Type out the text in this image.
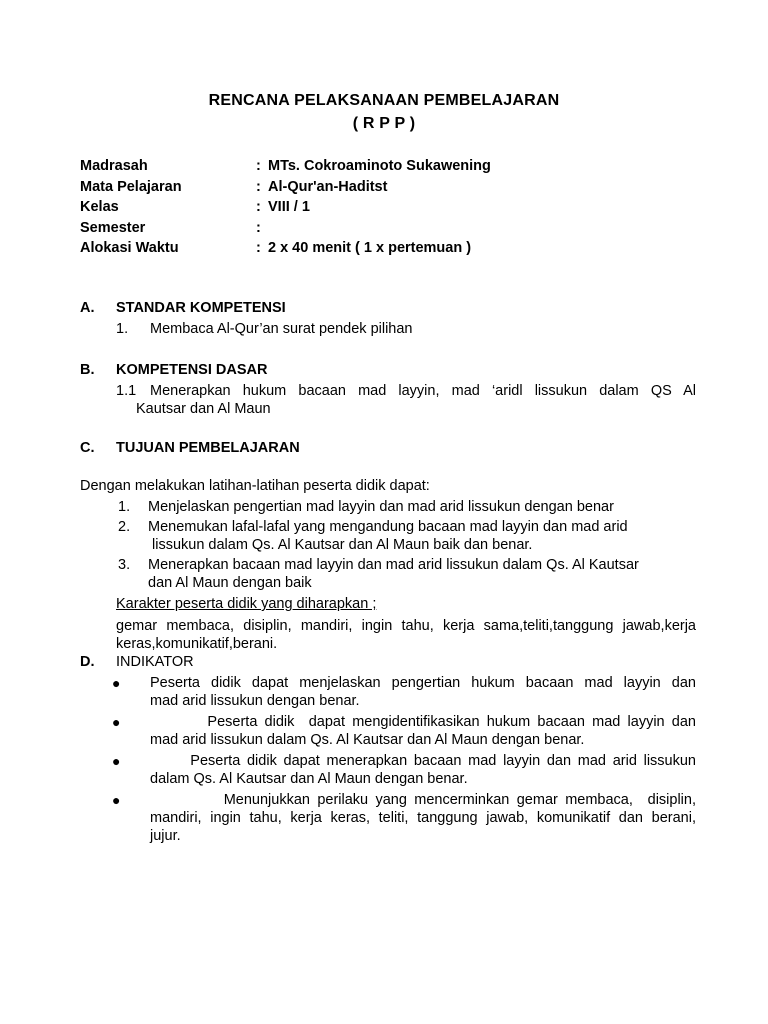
RENCANA PELAKSANAAN PEMBELAJARAN
( R P P )
Madrasah	: MTs. Cokroaminoto Sukawening
Mata Pelajaran	: Al-Qur'an-Haditst
Kelas	: VIII / 1
Semester	:
Alokasi Waktu	: 2 x 40 menit ( 1 x pertemuan )
A.	STANDAR KOMPETENSI
1.	Membaca Al-Qur’an surat pendek pilihan
B.	KOMPETENSI DASAR
1.1 Menerapkan hukum bacaan mad layyin, mad ‘aridl lissukun dalam QS Al
Kautsar dan Al Maun
C.	TUJUAN PEMBELAJARAN
Dengan melakukan latihan-latihan peserta didik dapat:
1.	Menjelaskan pengertian mad layyin dan mad arid lissukun dengan benar
2.	Menemukan lafal-lafal yang mengandung bacaan mad layyin dan mad arid
lissukun dalam Qs. Al Kautsar dan Al Maun baik dan benar.
3.	Menerapkan bacaan mad layyin dan mad arid lissukun dalam Qs. Al Kautsar
dan Al Maun dengan baik
Karakter peserta didik yang diharapkan ;
gemar membaca, disiplin, mandiri, ingin tahu, kerja sama,teliti,tanggung jawab,kerja
keras,komunikatif,berani.
D.	INDIKATOR
●	Peserta didik dapat menjelaskan pengertian hukum bacaan mad layyin dan
mad arid lissukun dengan benar.
●	Peserta didik  dapat mengidentifikasikan hukum bacaan mad layyin dan
mad arid lissukun dalam Qs. Al Kautsar dan Al Maun dengan benar.
●	Peserta didik dapat menerapkan bacaan mad layyin dan mad arid lissukun
dalam Qs. Al Kautsar dan Al Maun dengan benar.
●	Menunjukkan perilaku yang mencerminkan gemar membaca,  disiplin,
mandiri, ingin tahu, kerja keras, teliti, tanggung jawab, komunikatif dan berani,
jujur.
